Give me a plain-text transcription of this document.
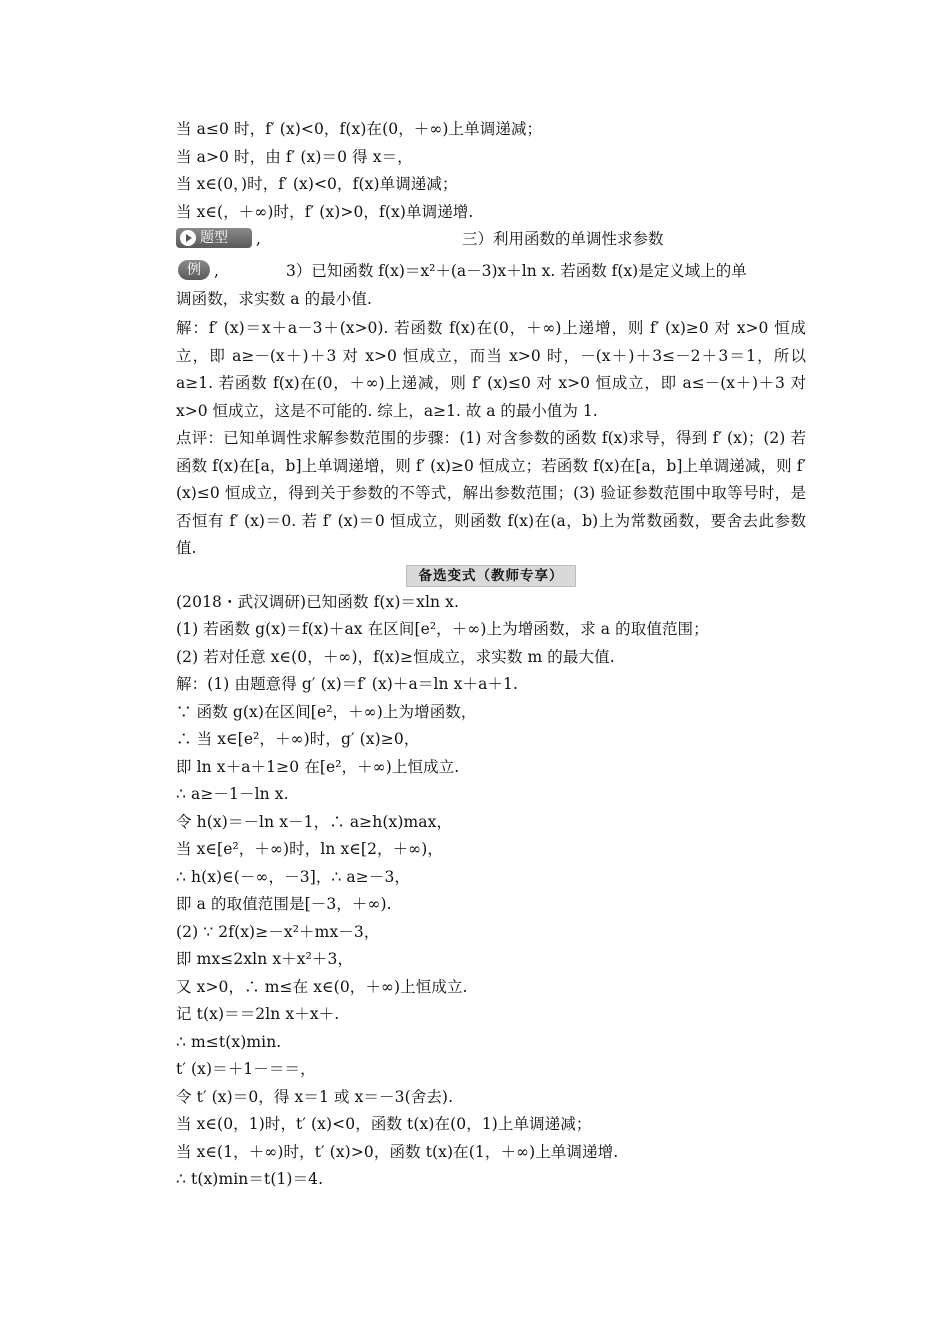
当 a≤0 时，f′ (x)<0，f(x)在(0，＋∞)上单调递减；
当 a>0 时，由 f′ (x)＝0 得 x＝，
当 x∈(0，)时，f′ (x)<0，f(x)单调递减；
当 x∈(，＋∞)时，f′ (x)>0，f(x)单调递增.
题型	,	三）利用函数的单调性求参数
例 ,	3）已知函数 f(x)＝x²＋(a－3)x＋ln x. 若函数 f(x)是定义域上的单
调函数，求实数 a 的最小值.
解：f′ (x)＝x＋a－3＋(x>0). 若函数 f(x)在(0，＋∞)上递增，则 f′ (x)≥0 对 x>0 恒成立，即 a≥－(x＋)＋3 对 x>0 恒成立，而当 x>0 时，－(x＋)＋3≤－2＋3＝1，所以 a≥1. 若函数 f(x)在(0，＋∞)上递减，则 f′ (x)≤0 对 x>0 恒成立，即 a≤－(x＋)＋3 对 x>0 恒成立，这是不可能的. 综上，a≥1. 故 a 的最小值为 1.
点评：已知单调性求解参数范围的步骤：(1) 对含参数的函数 f(x)求导，得到 f′ (x)；(2) 若函数 f(x)在[a，b]上单调递增，则 f′ (x)≥0 恒成立；若函数 f(x)在[a，b]上单调递减，则 f′ (x)≤0 恒成立，得到关于参数的不等式，解出参数范围；(3) 验证参数范围中取等号时，是否恒有 f′ (x)＝0. 若 f′ (x)＝0 恒成立，则函数 f(x)在(a，b)上为常数函数，要舍去此参数值.
备选变式（教师专享）
(2018・武汉调研)已知函数 f(x)＝xln x.
(1) 若函数 g(x)＝f(x)＋ax 在区间[e²，＋∞)上为增函数，求 a 的取值范围；
(2) 若对任意 x∈(0，＋∞)，f(x)≥恒成立，求实数 m 的最大值.
解：(1) 由题意得 g′ (x)＝f′ (x)＋a＝ln x＋a＋1.
∵ 函数 g(x)在区间[e²，＋∞)上为增函数，
∴ 当 x∈[e²，＋∞)时，g′ (x)≥0，
即 ln x＋a＋1≥0 在[e²，＋∞)上恒成立.
∴ a≥－1－ln x.
令 h(x)＝－ln x－1，∴ a≥h(x)max，
当 x∈[e²，＋∞)时，ln x∈[2，＋∞)，
∴ h(x)∈(－∞，－3]，∴ a≥－3，
即 a 的取值范围是[－3，＋∞).
(2) ∵ 2f(x)≥－x²＋mx－3，
即 mx≤2xln x＋x²＋3，
又 x>0，∴ m≤在 x∈(0，＋∞)上恒成立.
记 t(x)＝＝2ln x＋x＋.
∴ m≤t(x)min.
t′ (x)＝＋1－＝＝，
令 t′ (x)＝0，得 x＝1 或 x＝－3(舍去).
当 x∈(0，1)时，t′ (x)<0，函数 t(x)在(0，1)上单调递减；
当 x∈(1，＋∞)时，t′ (x)>0，函数 t(x)在(1，＋∞)上单调递增.
∴ t(x)min＝t(1)＝4.
